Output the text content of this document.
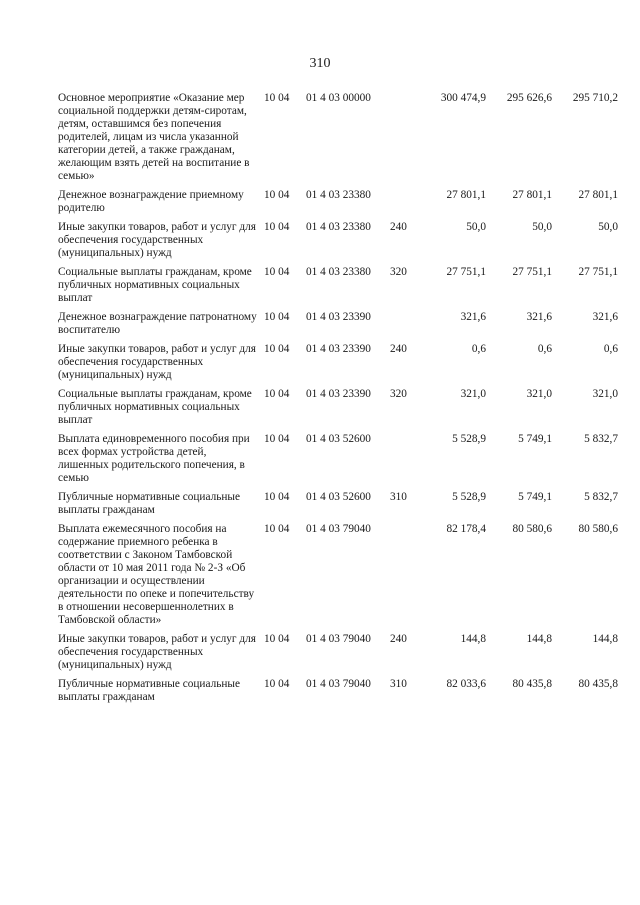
310
Основное мероприятие «Оказание мер социальной поддержки детям-сиротам, детям, оставшимся без попечения родителей, лицам из числа указанной категории детей, а также гражданам, желающим взять детей на воспитание в семью»	10 04	01 4 03 00000		300 474,9	295 626,6	295 710,2
Денежное вознаграждение приемному родителю	10 04	01 4 03 23380		27 801,1	27 801,1	27 801,1
Иные закупки товаров, работ и услуг для обеспечения государственных (муниципальных) нужд	10 04	01 4 03 23380	240	50,0	50,0	50,0
Социальные выплаты гражданам, кроме публичных нормативных социальных выплат	10 04	01 4 03 23380	320	27 751,1	27 751,1	27 751,1
Денежное вознаграждение патронатному воспитателю	10 04	01 4 03 23390		321,6	321,6	321,6
Иные закупки товаров, работ и услуг для обеспечения государственных (муниципальных) нужд	10 04	01 4 03 23390	240	0,6	0,6	0,6
Социальные выплаты гражданам, кроме публичных нормативных социальных выплат	10 04	01 4 03 23390	320	321,0	321,0	321,0
Выплата единовременного пособия при всех формах устройства детей, лишенных родительского попечения, в семью	10 04	01 4 03 52600		5 528,9	5 749,1	5 832,7
Публичные нормативные социальные выплаты гражданам	10 04	01 4 03 52600	310	5 528,9	5 749,1	5 832,7
Выплата ежемесячного пособия на содержание приемного ребенка в соответствии с Законом Тамбовской области от 10 мая 2011 года № 2-З «Об организации и осуществлении деятельности по опеке и попечительству в отношении несовершеннолетних в Тамбовской области»	10 04	01 4 03 79040		82 178,4	80 580,6	80 580,6
Иные закупки товаров, работ и услуг для обеспечения государственных (муниципальных) нужд	10 04	01 4 03 79040	240	144,8	144,8	144,8
Публичные нормативные социальные выплаты гражданам	10 04	01 4 03 79040	310	82 033,6	80 435,8	80 435,8
